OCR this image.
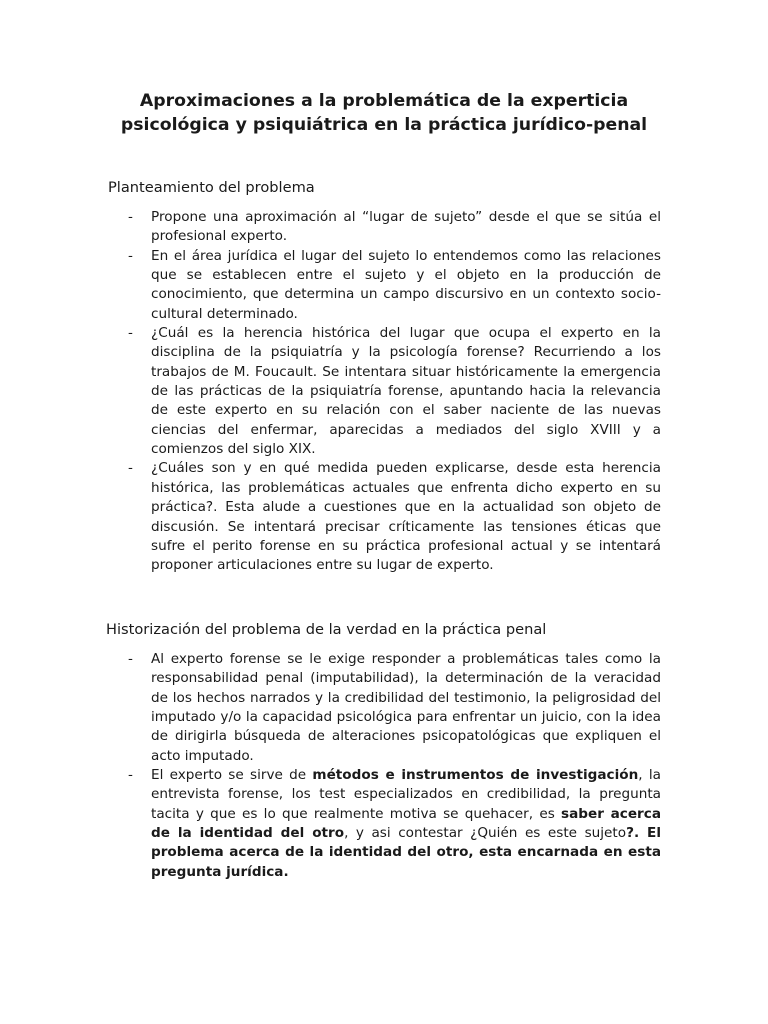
Aproximaciones a la problemática de la experticia psicológica y psiquiátrica en la práctica jurídico-penal
Planteamiento del problema
- Propone una aproximación al “lugar de sujeto” desde el que se sitúa el profesional experto.
- En el área jurídica el lugar del sujeto lo entendemos como las relaciones que se establecen entre el sujeto y el objeto en la producción de conocimiento, que determina un campo discursivo en un contexto socio-cultural determinado.
- ¿Cuál es la herencia histórica del lugar que ocupa el experto en la disciplina de la psiquiatría y la psicología forense? Recurriendo a los trabajos de M. Foucault. Se intentara situar históricamente la emergencia de las prácticas de la psiquiatría forense, apuntando hacia la relevancia de este experto en su relación con el saber naciente de las nuevas ciencias del enfermar, aparecidas a mediados del siglo XVIII y a comienzos del siglo XIX.
- ¿Cuáles son y en qué medida pueden explicarse, desde esta herencia histórica, las problemáticas actuales que enfrenta dicho experto en su práctica?. Esta alude a cuestiones que en la actualidad son objeto de discusión. Se intentará precisar críticamente las tensiones éticas que sufre el perito forense en su práctica profesional actual y se intentará proponer articulaciones entre su lugar de experto.
Historización del problema de la verdad en la práctica penal
- Al experto forense se le exige responder a problemáticas tales como la responsabilidad penal (imputabilidad), la determinación de la veracidad de los hechos narrados y la credibilidad del testimonio, la peligrosidad del imputado y/o la capacidad psicológica para enfrentar un juicio, con la idea de dirigirla búsqueda de alteraciones psicopatológicas que expliquen el acto imputado.
- El experto se sirve de métodos e instrumentos de investigación, la entrevista forense, los test especializados en credibilidad, la pregunta tacita y que es lo que realmente motiva se quehacer, es saber acerca de la identidad del otro, y asi contestar ¿Quién es este sujeto?. El problema acerca de la identidad del otro, esta encarnada en esta pregunta jurídica.
